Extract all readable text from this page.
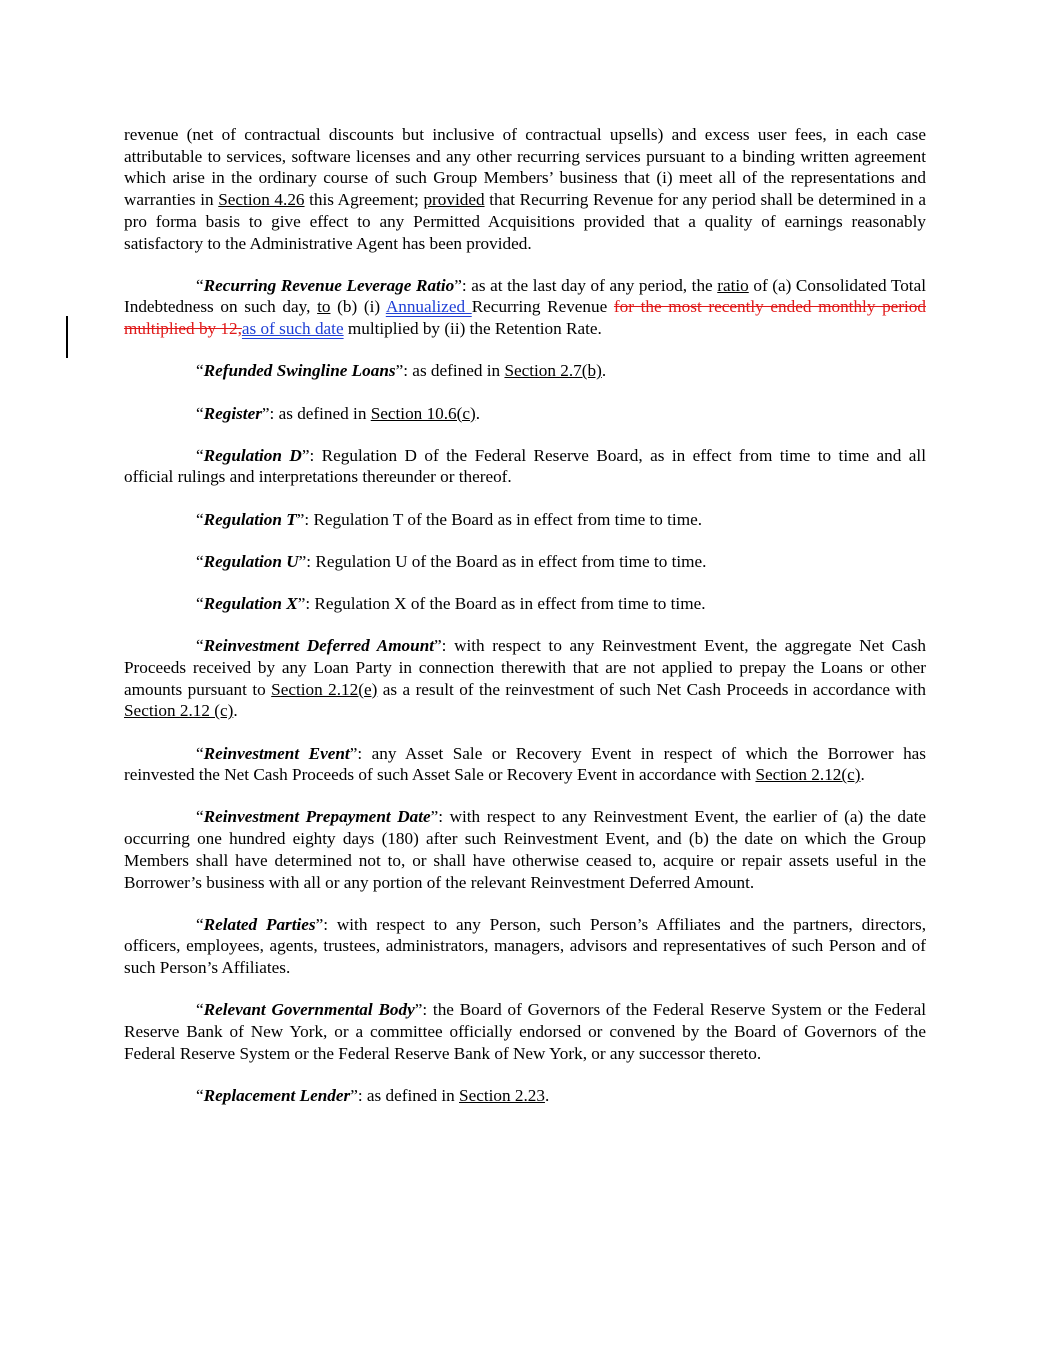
revenue (net of contractual discounts but inclusive of contractual upsells) and excess user fees, in each case attributable to services, software licenses and any other recurring services pursuant to a binding written agreement which arise in the ordinary course of such Group Members’ business that (i) meet all of the representations and warranties in Section 4.26 this Agreement; provided that Recurring Revenue for any period shall be determined in a pro forma basis to give effect to any Permitted Acquisitions provided that a quality of earnings reasonably satisfactory to the Administrative Agent has been provided.

“Recurring Revenue Leverage Ratio”: as at the last day of any period, the ratio of (a) Consolidated Total Indebtedness on such day, to (b) (i) Annualized Recurring Revenue for the most recently ended monthly period multiplied by 12,as of such date multiplied by (ii) the Retention Rate.

“Refunded Swingline Loans”: as defined in Section 2.7(b).

“Register”: as defined in Section 10.6(c).

“Regulation D”: Regulation D of the Federal Reserve Board, as in effect from time to time and all official rulings and interpretations thereunder or thereof.

“Regulation T”: Regulation T of the Board as in effect from time to time.

“Regulation U”: Regulation U of the Board as in effect from time to time.

“Regulation X”: Regulation X of the Board as in effect from time to time.

“Reinvestment Deferred Amount”: with respect to any Reinvestment Event, the aggregate Net Cash Proceeds received by any Loan Party in connection therewith that are not applied to prepay the Loans or other amounts pursuant to Section 2.12(e) as a result of the reinvestment of such Net Cash Proceeds in accordance with Section 2.12 (c).

“Reinvestment Event”: any Asset Sale or Recovery Event in respect of which the Borrower has reinvested the Net Cash Proceeds of such Asset Sale or Recovery Event in accordance with Section 2.12(c).

“Reinvestment Prepayment Date”: with respect to any Reinvestment Event, the earlier of (a) the date occurring one hundred eighty days (180) after such Reinvestment Event, and (b) the date on which the Group Members shall have determined not to, or shall have otherwise ceased to, acquire or repair assets useful in the Borrower’s business with all or any portion of the relevant Reinvestment Deferred Amount.

“Related Parties”: with respect to any Person, such Person’s Affiliates and the partners, directors, officers, employees, agents, trustees, administrators, managers, advisors and representatives of such Person and of such Person’s Affiliates.

“Relevant Governmental Body”: the Board of Governors of the Federal Reserve System or the Federal Reserve Bank of New York, or a committee officially endorsed or convened by the Board of Governors of the Federal Reserve System or the Federal Reserve Bank of New York, or any successor thereto.

“Replacement Lender”: as defined in Section 2.23.
